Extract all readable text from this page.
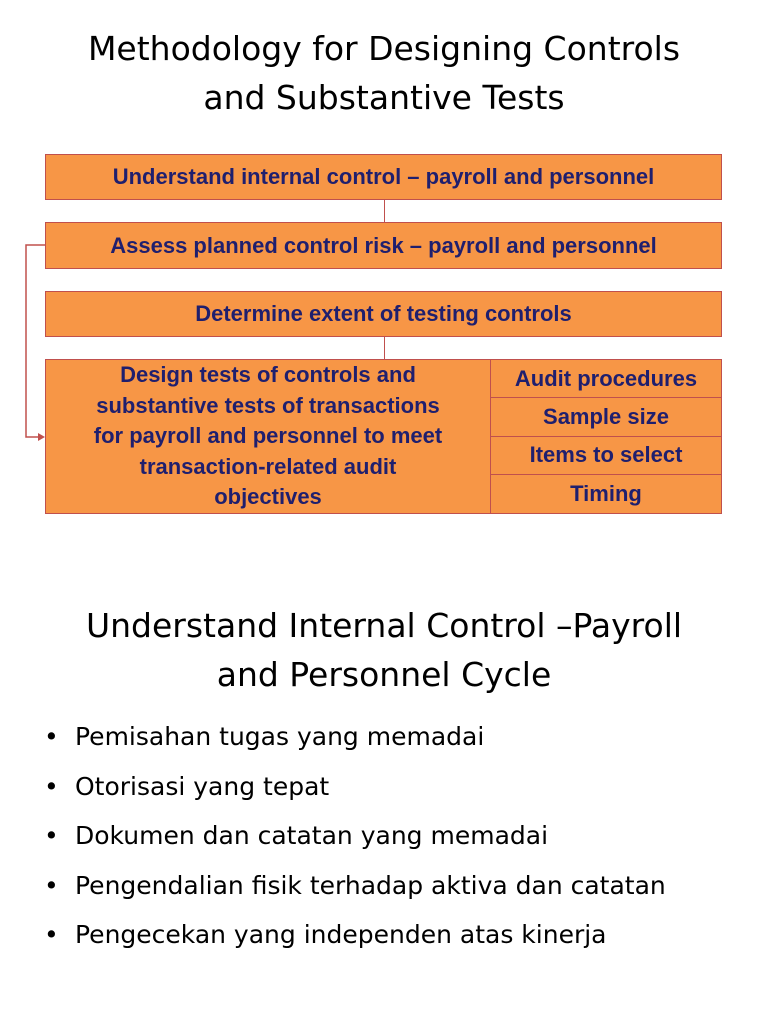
Methodology for Designing Controls
and Substantive Tests
Understand internal control – payroll and personnel
Assess planned control risk – payroll and personnel
Determine extent of testing controls
Design tests of controls and
substantive tests of transactions
for payroll and personnel to meet
transaction-related audit
objectives
Audit procedures
Sample size
Items to select
Timing
Understand Internal Control –Payroll
and Personnel Cycle
• Pemisahan tugas yang memadai
• Otorisasi yang tepat
• Dokumen dan catatan yang memadai
• Pengendalian fisik terhadap aktiva dan catatan
• Pengecekan yang independen atas kinerja
